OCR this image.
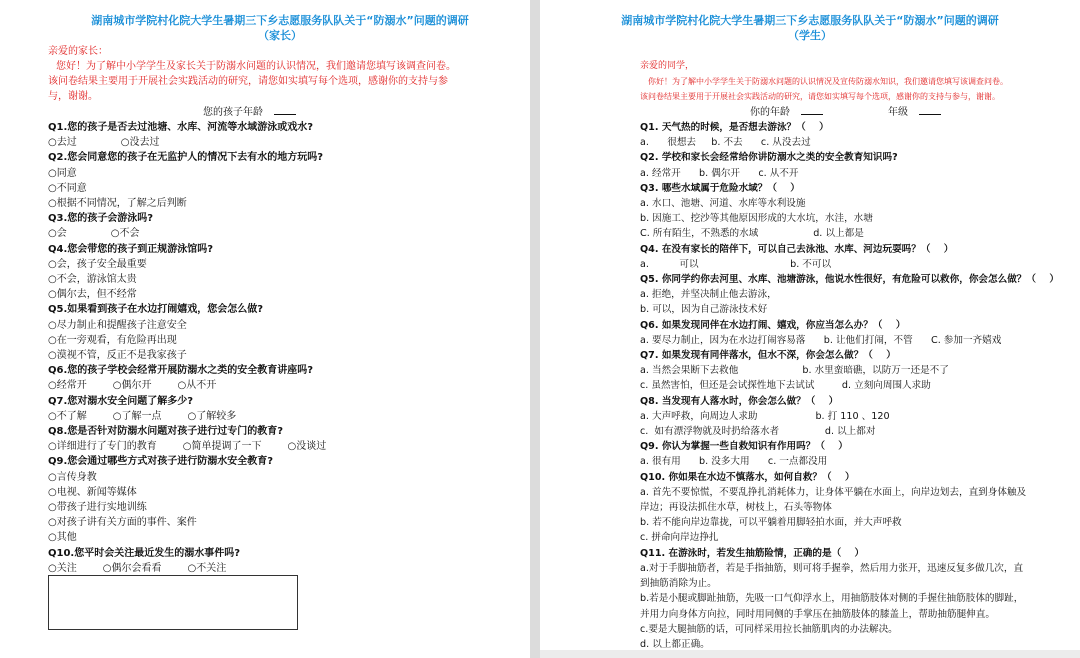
湖南城市学院村化院大学生暑期三下乡志愿服务队队关于“防溺水”问题的调研
（家长）
亲爱的家长：
您好！为了解中小学学生及家长关于防溺水问题的认识情况，我们邀请您填写该调查问卷。
该问卷结果主要用于开展社会实践活动的研究，请您如实填写每个选项，感谢你的支持与参
与，谢谢。
您的孩子年龄
Q1.您的孩子是否去过池塘、水库、河流等水域游泳或戏水?
○去过	○没去过
Q2.您会同意您的孩子在无监护人的情况下去有水的地方玩吗?
○同意
○不同意
○根据不同情况，了解之后判断
Q3.您的孩子会游泳吗?
○会	○不会
Q4.您会带您的孩子到正规游泳馆吗?
○会，孩子安全最重要
○不会，游泳馆太贵
○偶尔去，但不经常
Q5.如果看到孩子在水边打闹嬉戏，您会怎么做?
○尽力制止和提醒孩子注意安全
○在一旁观看，有危险再出现
○漠视不管，反正不是我家孩子
Q6.您的孩子学校会经常开展防溺水之类的安全教育讲座吗?
○经常开	○偶尔开	○从不开
Q7.您对溺水安全问题了解多少?
○不了解	○了解一点	○了解较多
Q8.您是否针对防溺水问题对孩子进行过专门的教育?
○详细进行了专门的教育	○简单提调了一下	○没谈过
Q9.您会通过哪些方式对孩子进行防溺水安全教育?
○言传身教
○电视、新闻等媒体
○带孩子进行实地训练
○对孩子讲有关方面的事件、案件
○其他
Q10.您平时会关注最近发生的溺水事件吗?
○关注	○偶尔会看看	○不关注
湖南城市学院村化院大学生暑期三下乡志愿服务队队关于“防溺水”问题的调研
（学生）
亲爱的同学，
你好！为了解中小学学生关于防溺水问题的认识情况及宣传防溺水知识，我们邀请您填写该调查问卷。
该问卷结果主要用于开展社会实践活动的研究，请您如实填写每个选项，感谢你的支持与参与，谢谢。
你的年龄	年级
Q1. 天气热的时候，是否想去游泳？（    ）
a.      很想去     b. 不去      c. 从没去过
Q2. 学校和家长会经常给你讲防溺水之类的安全教育知识吗?
a. 经常开      b. 偶尔开      c. 从不开
Q3. 哪些水域属于危险水域？（    ）
a. 水口、池塘、河道、水库等水利设施
b. 因施工、挖沙等其他原因形成的大水坑，水洼，水塘
C. 所有陌生，不熟悉的水域                  d. 以上都是
Q4. 在没有家长的陪伴下，可以自己去泳池、水库、河边玩耍吗？（    ）
a.          可以                              b. 不可以
Q5. 你同学约你去河里、水库、池塘游泳，他说水性很好，有危险可以救你，你会怎么做？（    ）
a. 拒绝，并坚决制止他去游泳，
b. 可以，因为自己游泳技术好
Q6. 如果发现同伴在水边打闹、嬉戏，你应当怎么办？（    ）
a. 要尽力制止，因为在水边打闹容易落      b. 让他们打闹，不管      C. 参加一齐嬉戏
Q7. 如果发现有同伴落水，但水不深，你会怎么做？（    ）
a. 当然会果断下去救他                     b. 水里蛮暗礁，以防万一还是不了
c. 虽然害怕，但还是会试探性地下去试试         d. 立刻向周围人求助
Q8. 当发现有人落水时，你会怎么做？（    ）
a. 大声呼救，向周边人求助                   b. 打 110 、120
c.  如有漂浮物就及时扔给落水者               d. 以上都对
Q9. 你认为掌握一些自救知识有作用吗？（    ）
a. 很有用      b. 没多大用      c. 一点都没用
Q10. 你如果在水边不慎落水，如何自救？（    ）
a. 首先不要惊慌，不要乱挣扎消耗体力，让身体平躺在水面上，向岸边划去，直到身体触及
岸边；再设法抓住水草，树枝上，石头等物体
b. 若不能向岸边靠拢，可以平躺着用脚轻拍水面，并大声呼救
c. 拼命向岸边挣扎
Q11. 在游泳时，若发生抽筋险情，正确的是（    ）
a.对于手脚抽筋者，若是手指抽筋，则可将手握拳，然后用力张开，迅速反复多做几次，直
到抽筋消除为止。
b.若是小腿或脚趾抽筋，先吸一口气仰浮水上，用抽筋肢体对侧的手握住抽筋肢体的脚趾，
并用力向身体方向拉，同时用同侧的手掌压在抽筋肢体的膝盖上，帮助抽筋腿伸直。
c.要是大腿抽筋的话，可同样采用拉长抽筋肌肉的办法解决。
d. 以上都正确。
